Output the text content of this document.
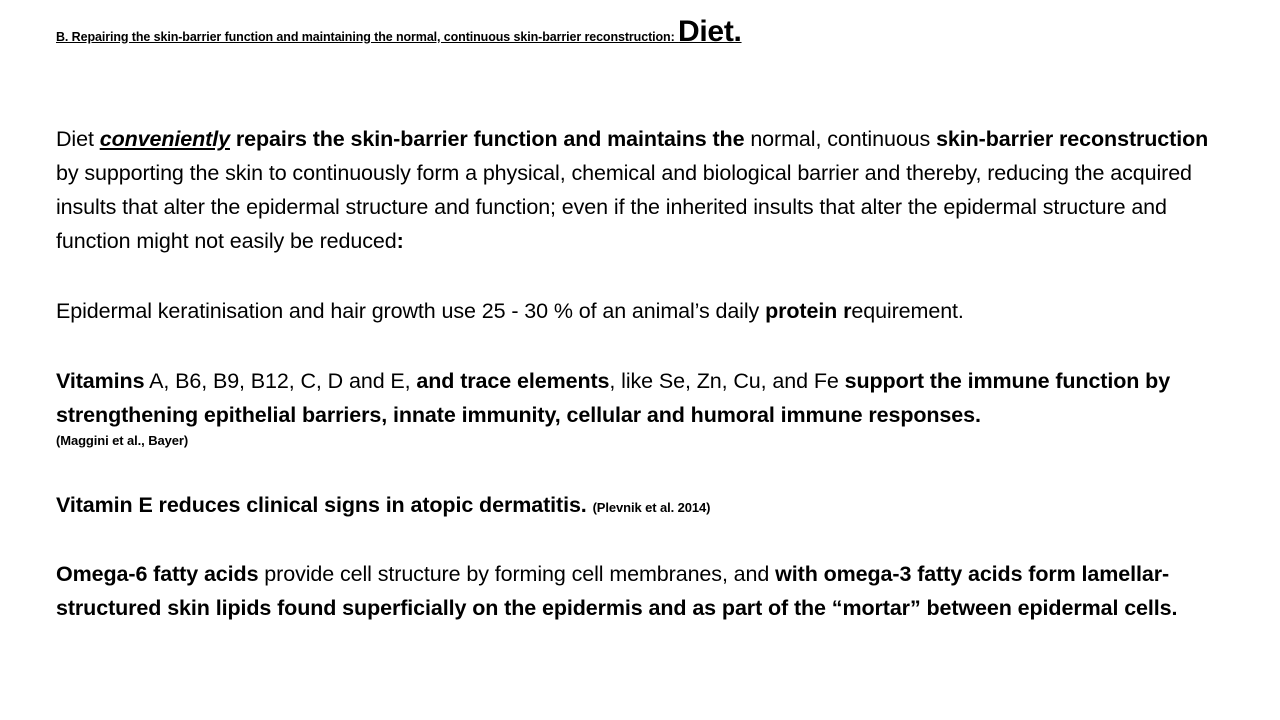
B. Repairing the skin-barrier function and maintaining the normal, continuous skin-barrier reconstruction: Diet.
Diet conveniently repairs the skin-barrier function and maintains the normal, continuous skin-barrier reconstruction by supporting the skin to continuously form a physical, chemical and biological barrier and thereby, reducing the acquired insults that alter the epidermal structure and function; even if the inherited insults that alter the epidermal structure and function might not easily be reduced:
Epidermal keratinisation and hair growth use 25 - 30 % of an animal’s daily protein requirement.
Vitamins A, B6, B9, B12, C, D and E, and trace elements, like Se, Zn, Cu, and Fe support the immune function by strengthening epithelial barriers, innate immunity, cellular and humoral immune responses.
(Maggini et al., Bayer)
Vitamin E reduces clinical signs in atopic dermatitis. (Plevnik et al. 2014)
Omega-6 fatty acids provide cell structure by forming cell membranes, and with omega-3 fatty acids form lamellar-structured skin lipids found superficially on the epidermis and as part of the “mortar” between epidermal cells.
